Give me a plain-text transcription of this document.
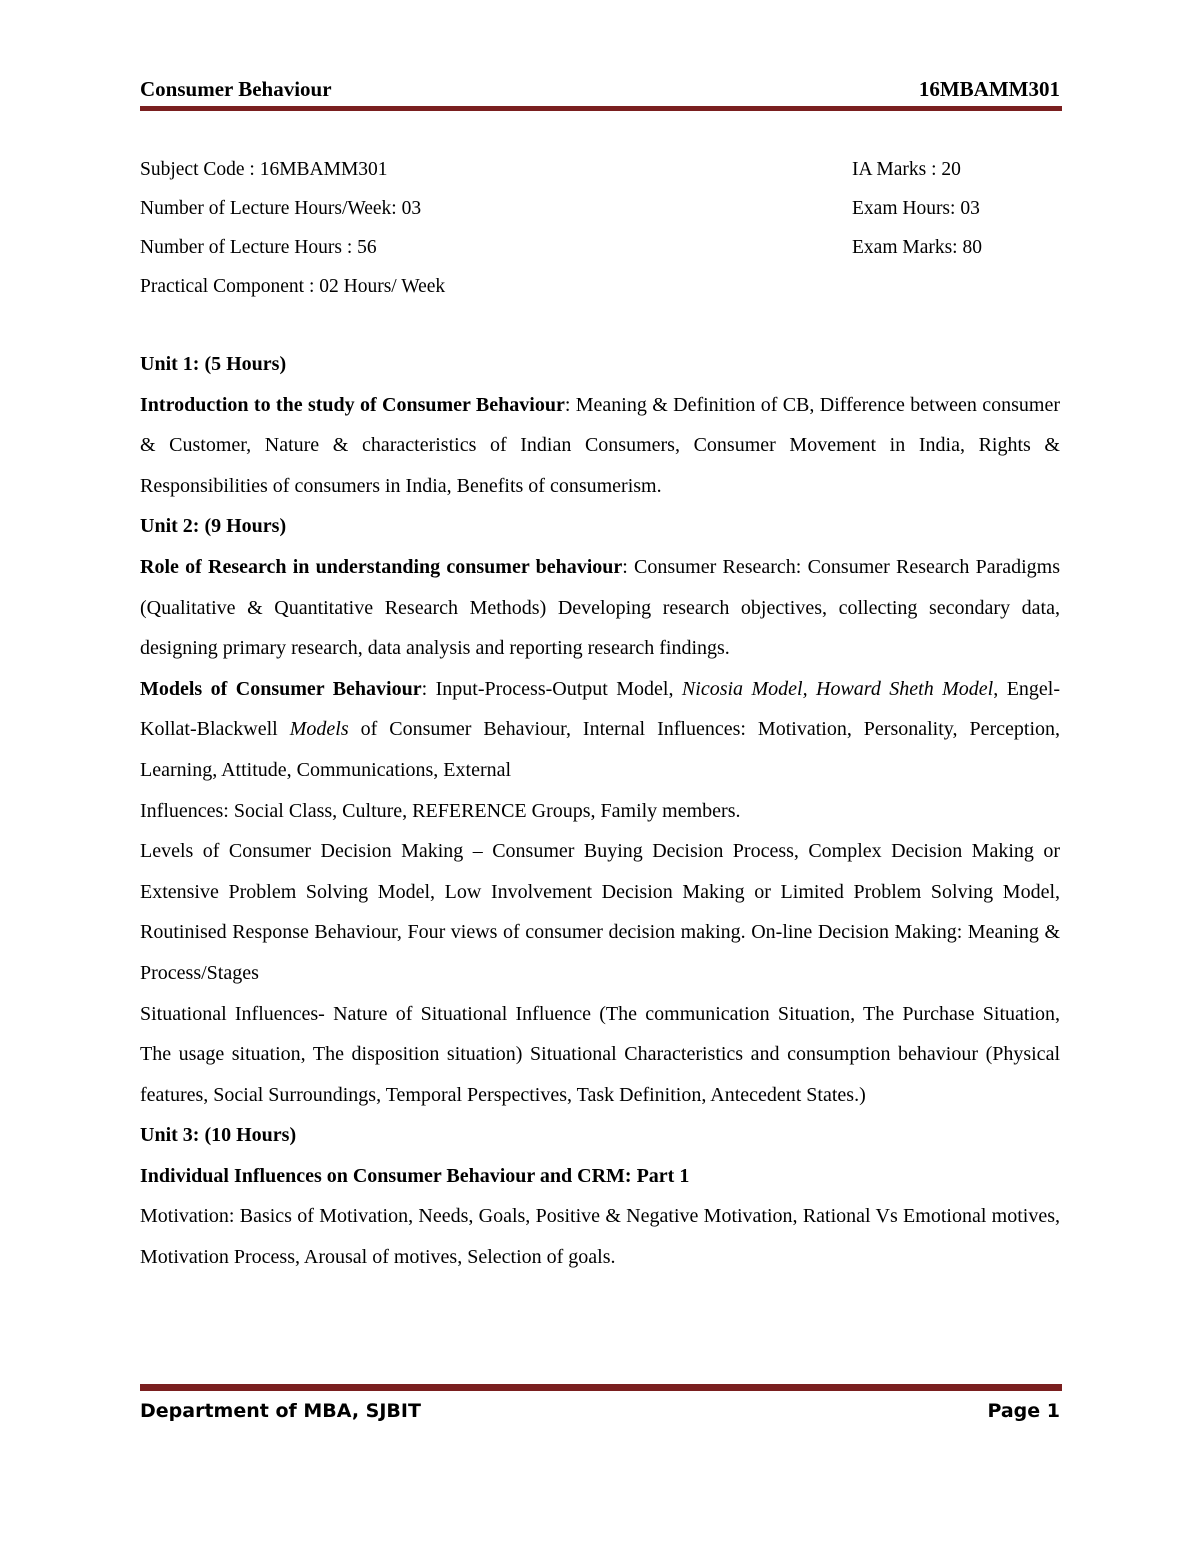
Consumer Behaviour	16MBAMM301
Subject Code : 16MBAMM301	IA Marks : 20
Number of Lecture Hours/Week: 03	Exam Hours: 03
Number of Lecture Hours : 56	Exam Marks: 80
Practical Component : 02 Hours/ Week

Unit 1: (5 Hours)

Introduction to the study of Consumer Behaviour: Meaning & Definition of CB, Difference between consumer & Customer, Nature & characteristics of Indian Consumers, Consumer Movement in India, Rights & Responsibilities of consumers in India, Benefits of consumerism.

Unit 2: (9 Hours)

Role of Research in understanding consumer behaviour: Consumer Research: Consumer Research Paradigms (Qualitative & Quantitative Research Methods) Developing research objectives, collecting secondary data, designing primary research, data analysis and reporting research findings.

Models of Consumer Behaviour: Input-Process-Output Model, Nicosia Model, Howard Sheth Model, Engel-Kollat-Blackwell Models of Consumer Behaviour, Internal Influences: Motivation, Personality, Perception, Learning, Attitude, Communications, External

Influences: Social Class, Culture, REFERENCE Groups, Family members.

Levels of Consumer Decision Making – Consumer Buying Decision Process, Complex Decision Making or Extensive Problem Solving Model, Low Involvement Decision Making or Limited Problem Solving Model, Routinised Response Behaviour, Four views of consumer decision making. On-line Decision Making: Meaning & Process/Stages

Situational Influences- Nature of Situational Influence (The communication Situation, The Purchase Situation, The usage situation, The disposition situation) Situational Characteristics and consumption behaviour (Physical features, Social Surroundings, Temporal Perspectives, Task Definition, Antecedent States.)

Unit 3: (10 Hours)

Individual Influences on Consumer Behaviour and CRM: Part 1

Motivation: Basics of Motivation, Needs, Goals, Positive & Negative Motivation, Rational Vs Emotional motives, Motivation Process, Arousal of motives, Selection of goals.

Department of MBA, SJBIT	Page 1
